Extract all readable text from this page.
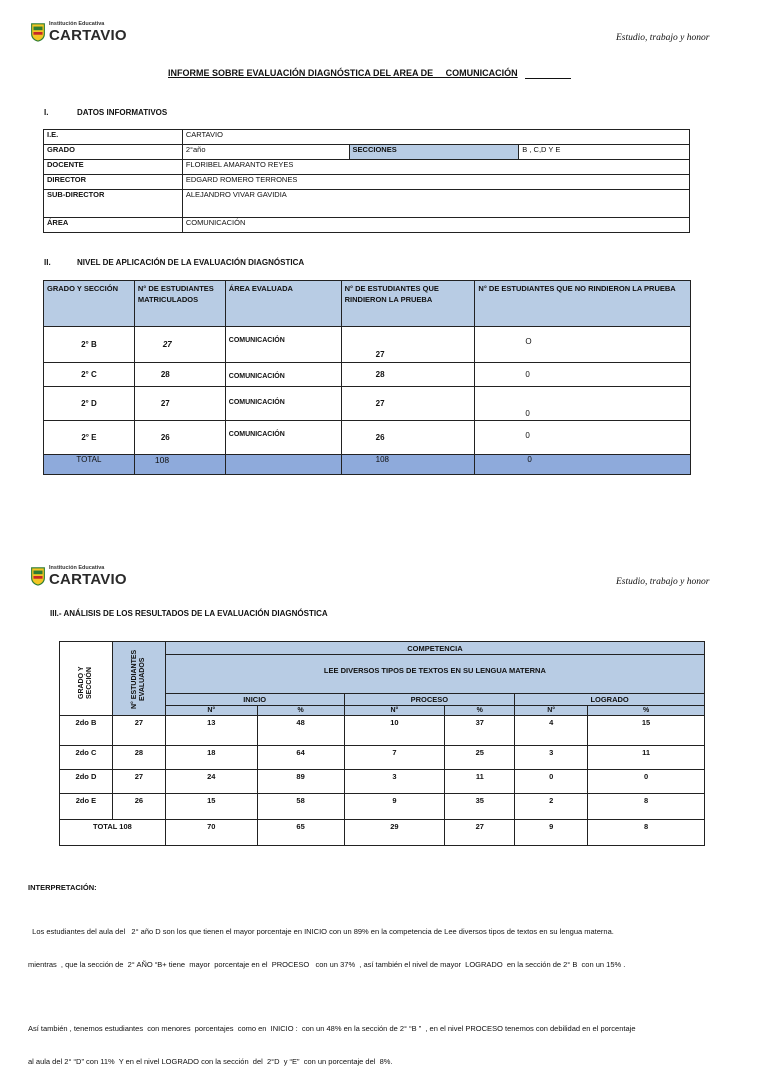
Institución Educativa
CARTAVIO	Estudio, trabajo y honor
INFORME SOBRE EVALUACIÓN DIAGNÓSTICA DEL AREA DE     COMUNICACIÓN
I.	DATOS INFORMATIVOS
I.E.	CARTAVIO		
GRADO	2°año	SECCIONES	B , C,D Y E
DOCENTE	FLORIBEL AMARANTO REYES		
DIRECTOR	EDGARD ROMERO TERRONES		
SUB-DIRECTOR	ALEJANDRO VIVAR GAVIDIA		
ÁREA	COMUNICACIÓN		
II.	NIVEL DE APLICACIÓN DE LA EVALUACIÓN DIAGNÓSTICA
GRADO Y SECCIÓN	N° DE ESTUDIANTES MATRICULADOS	ÁREA EVALUADA	N° DE ESTUDIANTES QUE RINDIERON LA PRUEBA	N° DE ESTUDIANTES QUE NO RINDIERON LA PRUEBA
2° B	27	COMUNICACIÓN	27	O
2° C	28	COMUNICACIÓN	28	0
2° D	27	COMUNICACIÓN	27	0
2° E	26	COMUNICACIÓN	26	0
TOTAL	108		108	0
Institución Educativa
CARTAVIO	Estudio, trabajo y honor
III.- ANÁLISIS DE LOS RESULTADOS DE LA EVALUACIÓN DIAGNÓSTICA
GRADO Y SECCIÓN	N° ESTUDIANTES EVALUADOS	COMPETENCIA					

		LEE DIVERSOS TIPOS DE TEXTOS EN SU LENGUA MATERNA					
		INICIO		PROCESO		LOGRADO	
		N°	%	N°	%	N°	%
2do B	27	13	48	10	37	4	15
2do C	28	18	64	7	25	3	11
2do D	27	24	89	3	11	0	0
2do E	26	15	58	9	35	2	8
TOTAL 108		70	65	29	27	9	8
INTERPRETACIÓN:

Los estudiantes del aula del   2° año D son los que tienen el mayor porcentaje en INICIO con un 89% en la competencia de Lee diversos tipos de textos en su lengua materna.

mientras  , que la sección de  2° AÑO “B+ tiene  mayor  porcentaje en el  PROCESO   con un 37%  , así también el nivel de mayor  LOGRADO  en la sección de 2° B  con un 15% .

Así también , tenemos estudiantes  con menores  porcentajes  como en  INICIO :  con un 48% en la sección de 2° “B ”  , en el nivel PROCESO tenemos con debilidad en el porcentaje

al aula del 2° “D” con 11%  Y en el nivel LOGRADO con la sección  del  2°D  y “E”  con un porcentaje del  8%.
